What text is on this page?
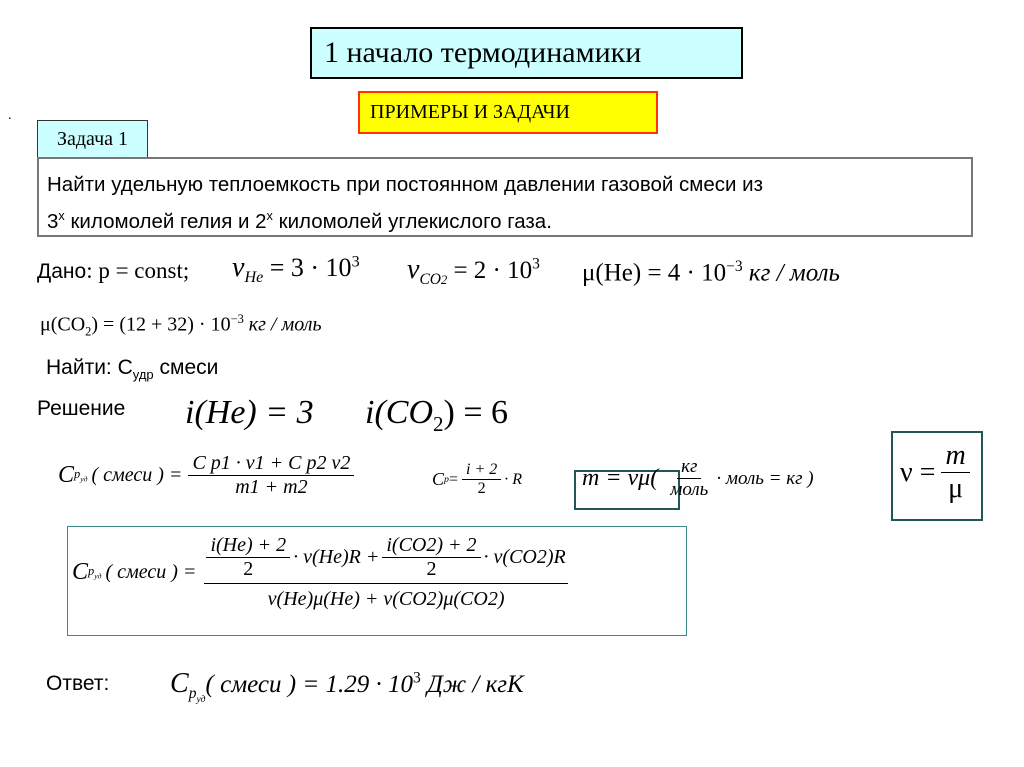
1 начало термодинамики
ПРИМЕРЫ И ЗАДАЧИ
.
Задача 1
Найти удельную теплоемкость при постоянном давлении газовой смеси из
$3^х$ киломолей гелия и $2^х$ киломолей углекислого газа.
Дано: p = const; $\nu_{He} = 3 \cdot 10^3$ $\nu_{CO2} = 2 \cdot 10^3$ $\mu(He) = 4 \cdot 10^{-3}$ кг / моль
$\mu(CO_2) = (12 + 32) \cdot 10^{-3}$ кг / моль
Найти: $С_{удр}$ смеси
Решение i(He) = 3 $i(CO_2) = 6$
C $p_{уд}$ ( смеси ) = $\frac{\text{C p1 · ν1 + C p2 ν2}}{m1 + m2}$	C $p = \frac{i + 2}{2} \cdot R$ $m = \nu\mu( \frac{кг}{\text{моль}}$ · моль = кг )	$\nu = \frac{m}{\mu}$
C $p_{уд}$ ( смеси ) = $\frac{i(He) + 2}{2} \cdot \nu(He)R + \frac{i(CO2) + 2}{2} \cdot \nu(CO2)R$
ν(He)μ(He) + ν(CO2)μ(CO2)
Ответ: $C_{p_{уд}}$( смеси ) = $1.29 \cdot 10^3$ Дж / кгК
